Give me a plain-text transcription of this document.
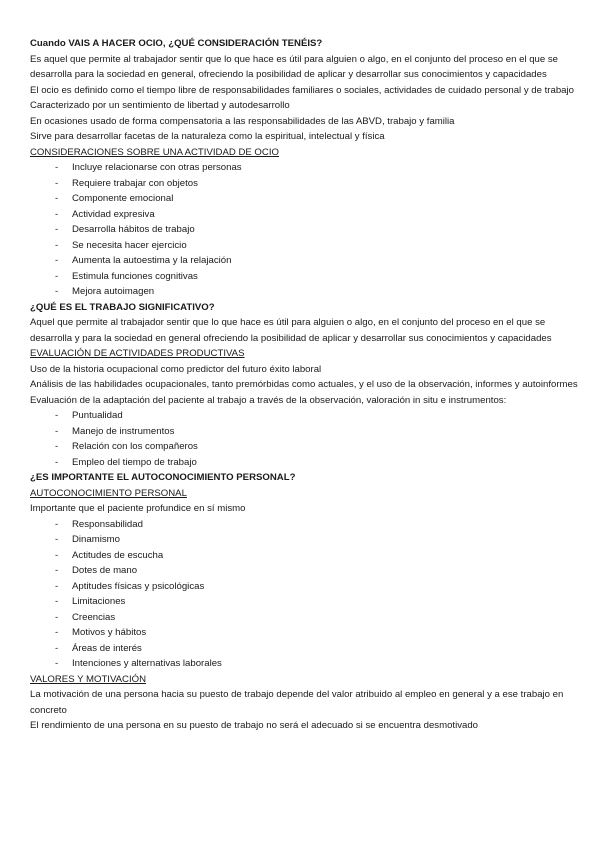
Cuando VAIS A HACER OCIO, ¿QUÉ CONSIDERACIÓN TENÉIS?

Es aquel que permite al trabajador sentir que lo que hace es útil para alguien o algo, en el conjunto del proceso en el que se desarrolla para la sociedad en general, ofreciendo la posibilidad de aplicar y desarrollar sus conocimientos y capacidades

El ocio es definido como el tiempo libre de responsabilidades familiares o sociales, actividades de cuidado personal y de trabajo

Caracterizado por un sentimiento de libertad y autodesarrollo

En ocasiones usado de forma compensatoria a las responsabilidades de las ABVD, trabajo y familia

Sirve para desarrollar facetas de la naturaleza como la espiritual, intelectual y física

CONSIDERACIONES SOBRE UNA ACTIVIDAD DE OCIO

- Incluye relacionarse con otras personas
- Requiere trabajar con objetos
- Componente emocional
- Actividad expresiva
- Desarrolla hábitos de trabajo
- Se necesita hacer ejercicio
- Aumenta la autoestima y la relajación
- Estimula funciones cognitivas
- Mejora autoimagen

¿QUÉ ES EL TRABAJO SIGNIFICATIVO?

Aquel que permite al trabajador sentir que lo que hace es útil para alguien o algo, en el conjunto del proceso en el que se desarrolla y para la sociedad en general ofreciendo la posibilidad de aplicar y desarrollar sus conocimientos y capacidades

EVALUACIÓN DE ACTIVIDADES PRODUCTIVAS

Uso de la historia ocupacional como predictor del futuro éxito laboral

Análisis de las habilidades ocupacionales, tanto premórbidas como actuales, y el uso de la observación, informes y autoinformes

Evaluación de la adaptación del paciente al trabajo a través de la observación, valoración in situ e instrumentos:

- Puntualidad
- Manejo de instrumentos
- Relación con los compañeros
- Empleo del tiempo de trabajo

¿ES IMPORTANTE EL AUTOCONOCIMIENTO PERSONAL?

AUTOCONOCIMIENTO PERSONAL

Importante que el paciente profundice en sí mismo

- Responsabilidad
- Dinamismo
- Actitudes de escucha
- Dotes de mano
- Aptitudes físicas y psicológicas
- Limitaciones
- Creencias
- Motivos y hábitos
- Áreas de interés
- Intenciones y alternativas laborales

VALORES Y MOTIVACIÓN

La motivación de una persona hacia su puesto de trabajo depende del valor atribuido al empleo en general y a ese trabajo en concreto

El rendimiento de una persona en su puesto de trabajo no será el adecuado si se encuentra desmotivado
